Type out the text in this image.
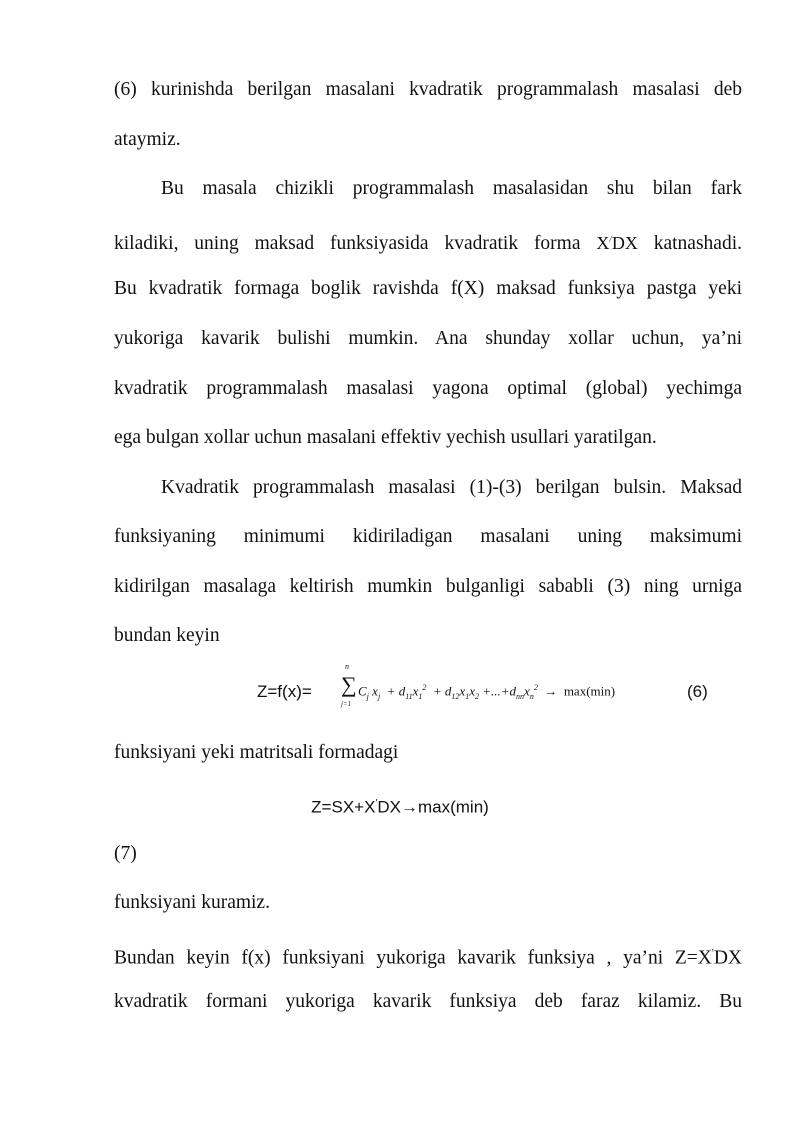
(6) kurinishda berilgan masalani kvadratik programmalash masalasi deb
ataymiz.
Bu masala chizikli programmalash masalasidan shu bilan fark
kiladiki, uning maksad funksiyasida kvadratik forma X/DX katnashadi.
Bu kvadratik formaga boglik ravishda f(X) maksad funksiya pastga yeki
yukoriga kavarik bulishi mumkin. Ana shunday xollar uchun, ya’ni
kvadratik programmalash masalasi yagona optimal (global) yechimga
ega bulgan xollar uchun masalani effektiv yechish usullari yaratilgan.
Kvadratik programmalash masalasi (1)-(3) berilgan bulsin. Maksad
funksiyaning minimumi kidiriladigan masalani uning maksimumi
kidirilgan masalaga keltirish mumkin bulganligi sababli (3) ning urniga
bundan keyin
Z=f(x)=
n
∑
j=1
$C_j$ $x_j + d_{11}x_1^2 + d_{12}x_1x_2 +...+d_{nn}x_n^2 \to \max(\min)$	(6)
funksiyani yeki matritsali formadagi
Z=SX+X'DX→max(min)
(7)
funksiyani kuramiz.
Bundan keyin f(x) funksiyani yukoriga kavarik funksiya , ya’ni Z=X'DX
kvadratik formani yukoriga kavarik funksiya deb faraz kilamiz. Bu
